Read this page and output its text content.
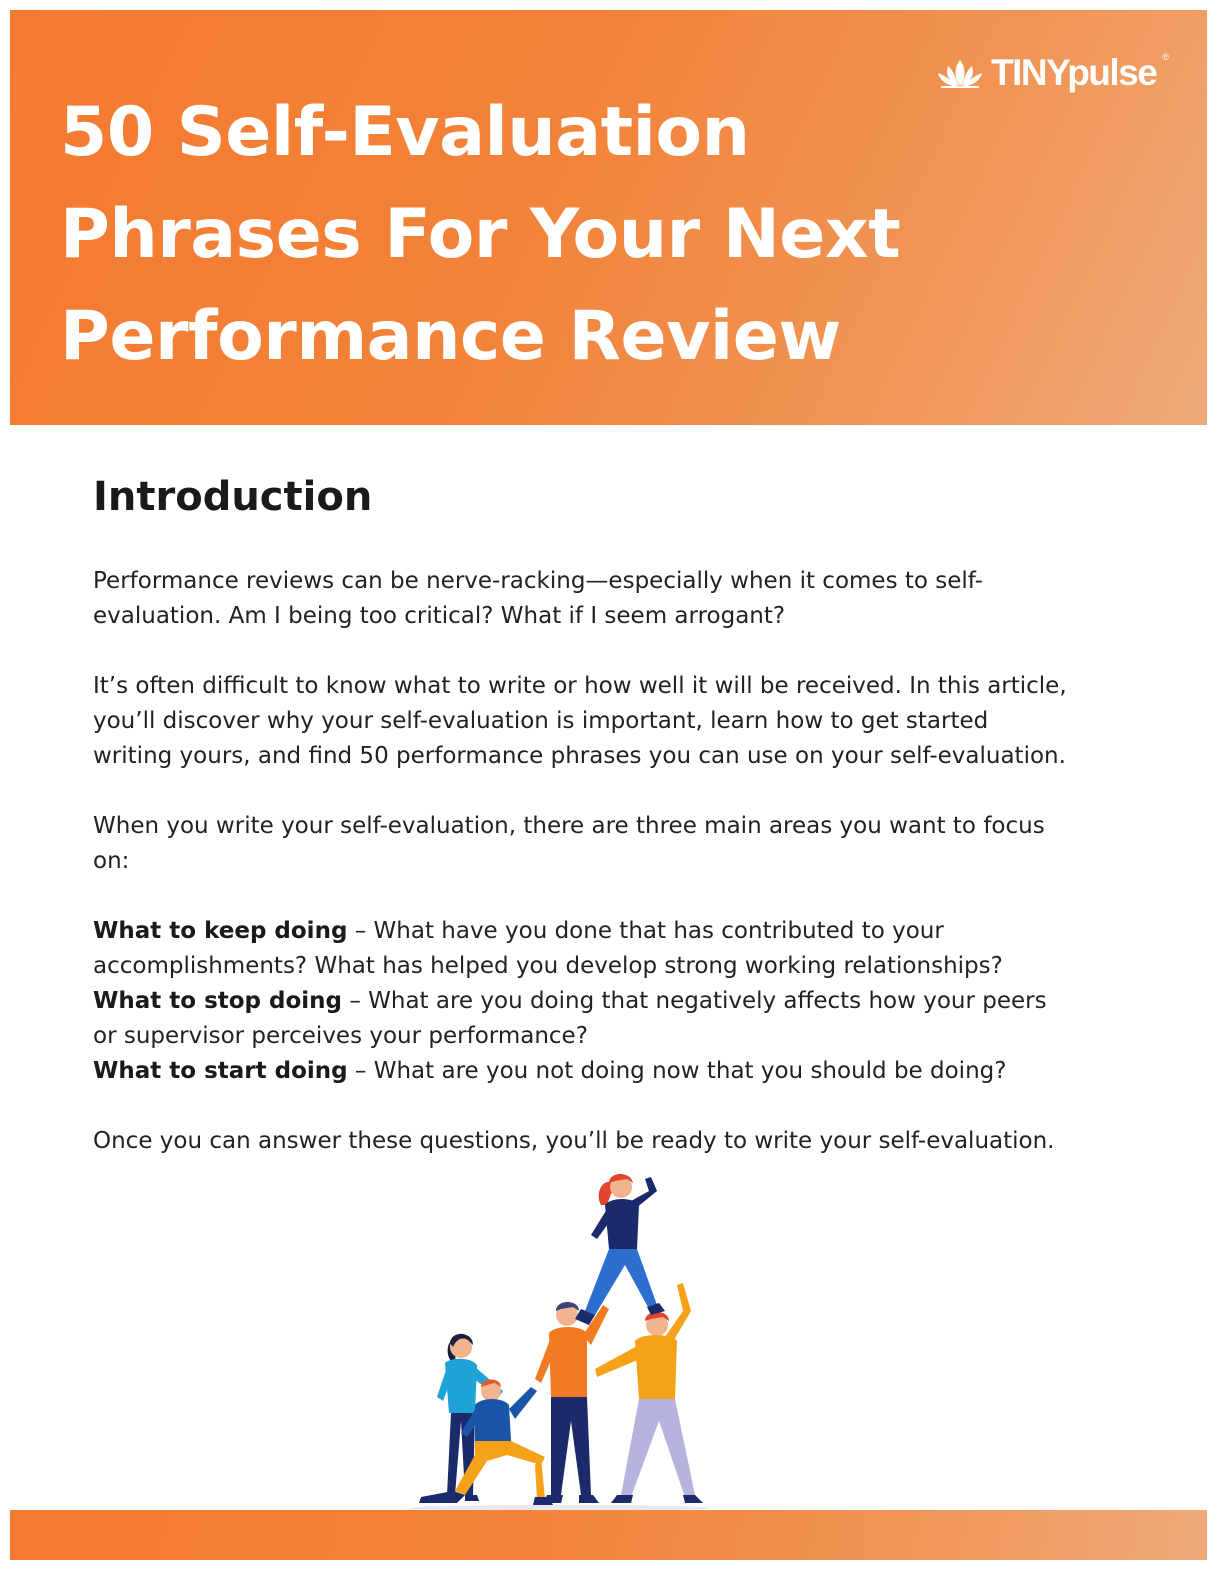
TINYpulse ®
50 Self-Evaluation
Phrases For Your Next
Performance Review
Introduction

Performance reviews can be nerve-racking—especially when it comes to self-evaluation. Am I being too critical? What if I seem arrogant?

It’s often difficult to know what to write or how well it will be received. In this article, you’ll discover why your self-evaluation is important, learn how to get started writing yours, and find 50 performance phrases you can use on your self-evaluation.

When you write your self-evaluation, there are three main areas you want to focus on:

What to keep doing – What have you done that has contributed to your accomplishments? What has helped you develop strong working relationships?
What to stop doing – What are you doing that negatively affects how your peers or supervisor perceives your performance?
What to start doing – What are you not doing now that you should be doing?

Once you can answer these questions, you’ll be ready to write your self-evaluation.
